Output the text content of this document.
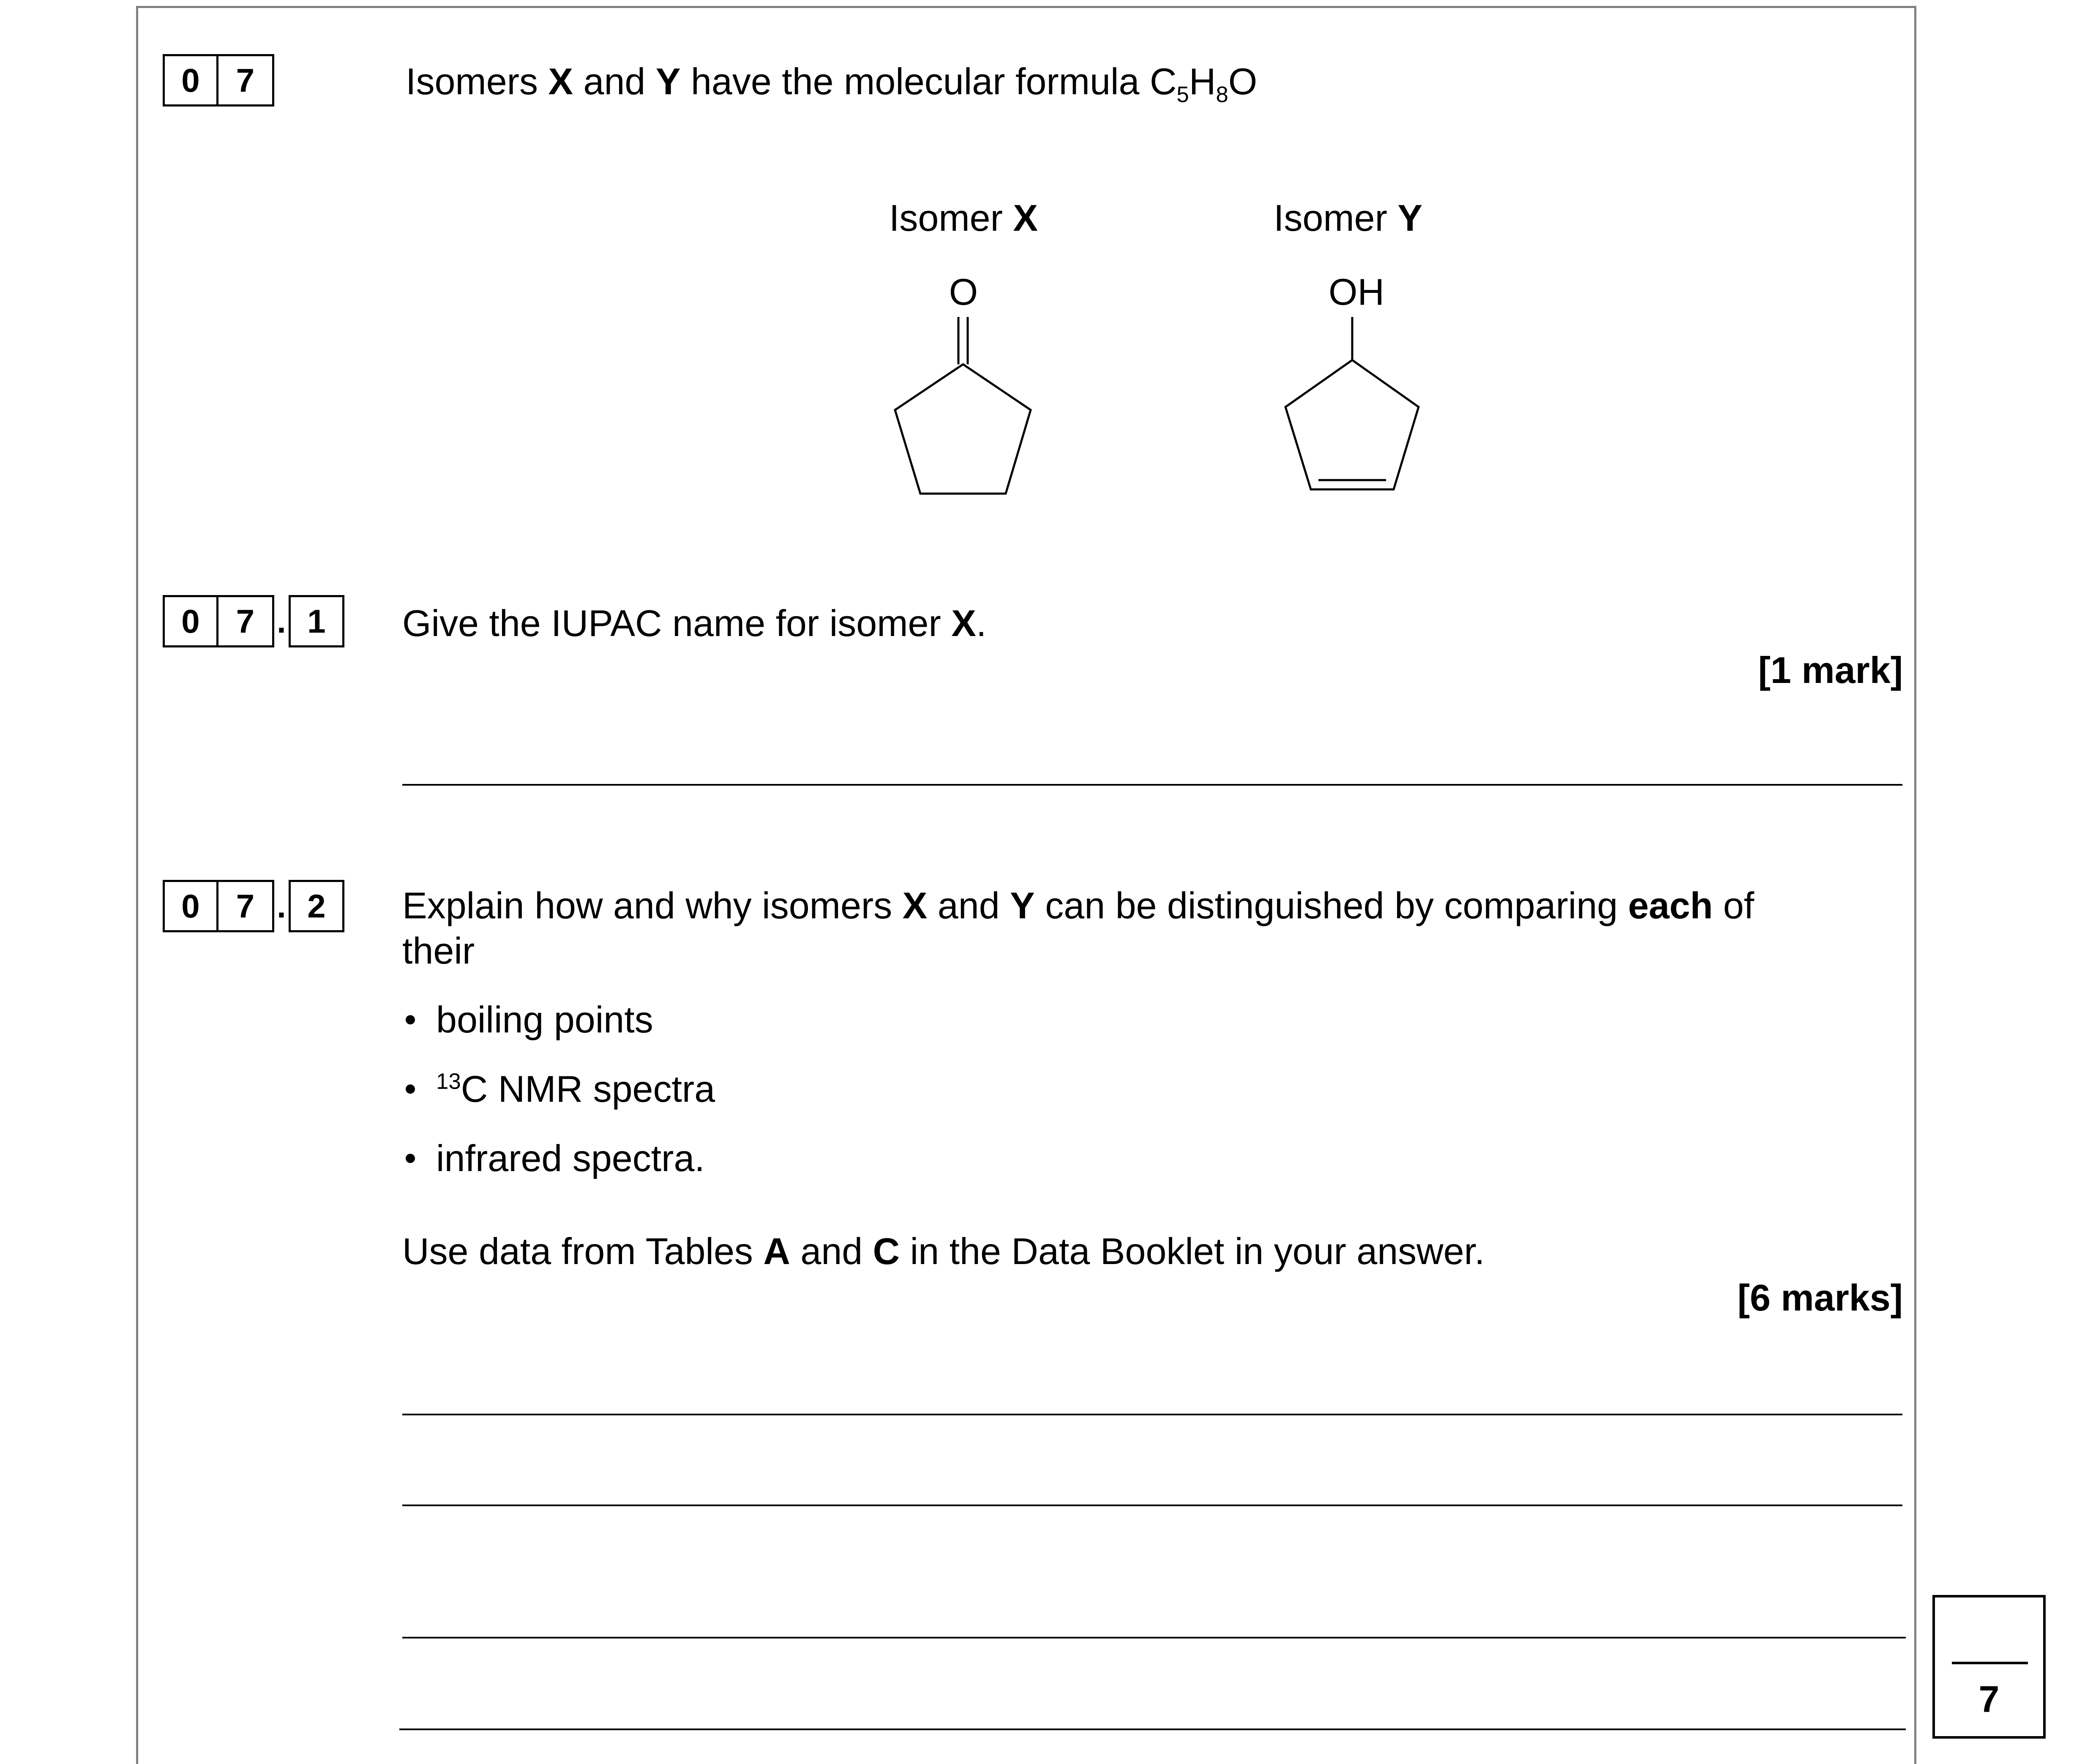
0	7	Isomers X and Y have the molecular formula $C_5H_8O$
Isomer X
O
Isomer Y
OH
0	7 . 1	Give the IUPAC name for isomer X.
[1 mark]
0	7 . 2	Explain how and why isomers X and Y can be distinguished by comparing each of
their
boiling points
$^{13}$C NMR spectra
infrared spectra.
Use data from Tables A and C in the Data Booklet in your answer.
[6 marks]
7
